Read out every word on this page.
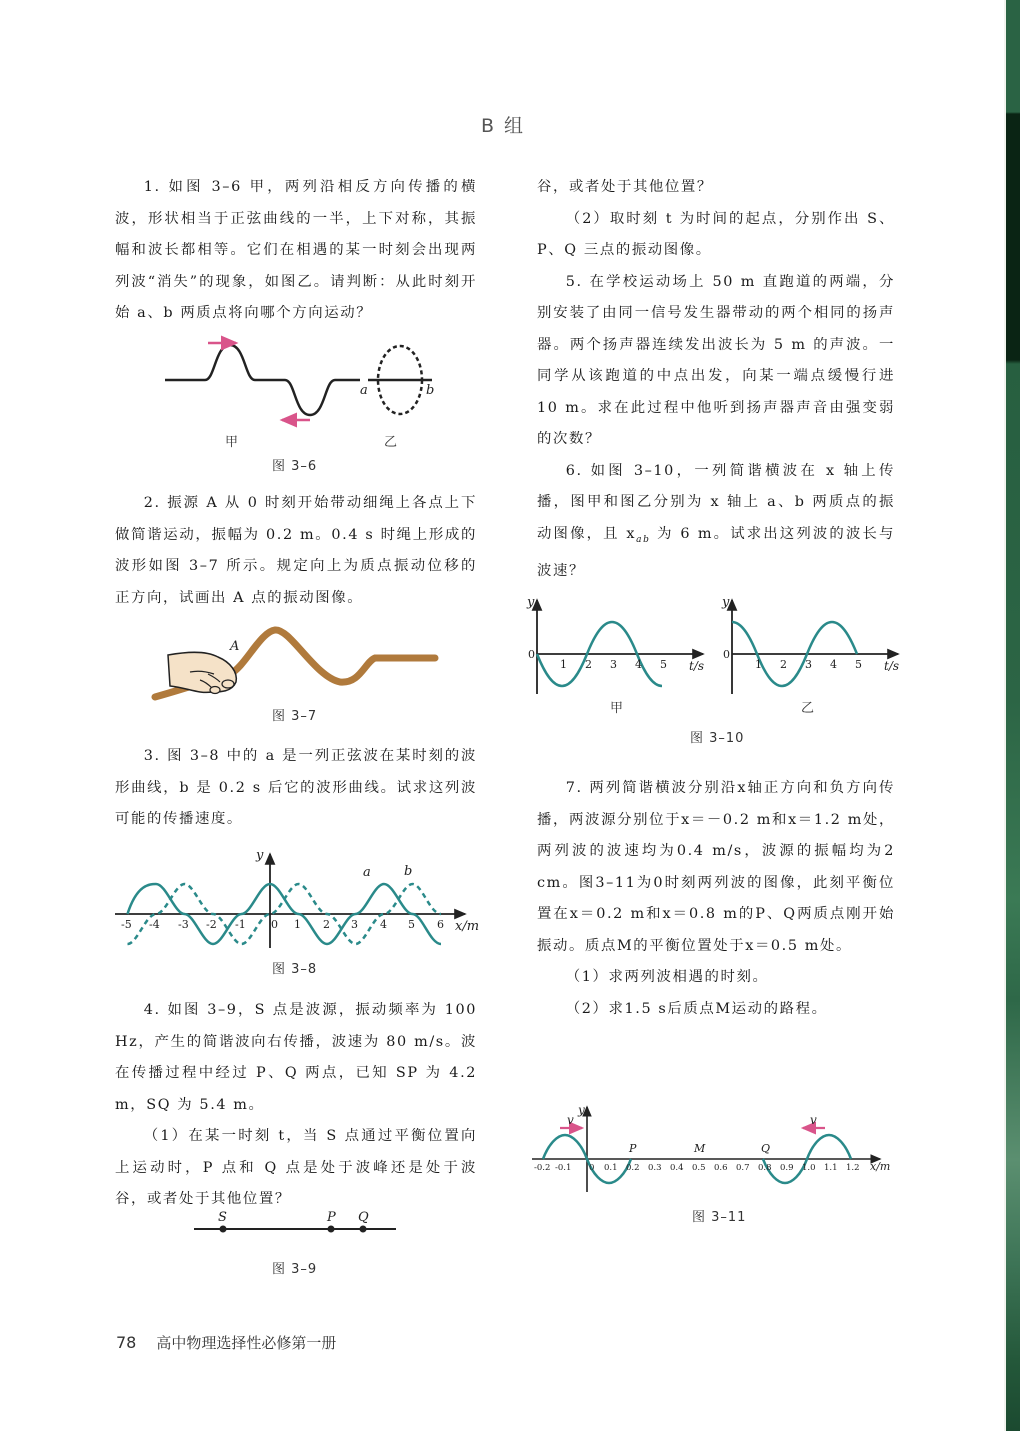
B 组

1. 如图 3–6 甲，两列沿相反方向传播的横波，形状相当于正弦曲线的一半，上下对称，其振幅和波长都相等。它们在相遇的某一时刻会出现两列波“消失”的现象，如图乙。请判断：从此时刻开始 a、b 两质点将向哪个方向运动？

a	b
甲	乙
图 3–6

2. 振源 A 从 0 时刻开始带动细绳上各点上下做简谐运动，振幅为 0.2 m。0.4 s 时绳上形成的波形如图 3–7 所示。规定向上为质点振动位移的正方向，试画出 A 点的振动图像。

A
图 3–7

3. 图 3–8 中的 a 是一列正弦波在某时刻的波形曲线，b 是 0.2 s 后它的波形曲线。试求这列波可能的传播速度。

-5 -4 -3 -2 -1 0 1 2 3 4 5 6 x/m
y
a	b
图 3–8

4. 如图 3–9，S 点是波源，振动频率为 100 Hz，产生的简谐波向右传播，波速为 80 m/s。波在传播过程中经过 P、Q 两点，已知 SP 为 4.2 m，SQ 为 5.4 m。

（1）在某一时刻 t，当 S 点通过平衡位置向上运动时，P 点和 Q 点是处于波峰还是处于波谷，或者处于其他位置？

S	P Q
图 3–9

谷，或者处于其他位置？

（2）取时刻 t 为时间的起点，分别作出 S、P、Q 三点的振动图像。

5. 在学校运动场上 50 m 直跑道的两端，分别安装了由同一信号发生器带动的两个相同的扬声器。两个扬声器连续发出波长为 5 m 的声波。一同学从该跑道的中点出发，向某一端点缓慢行进 10 m。求在此过程中他听到扬声器声音由强变弱的次数？

6. 如图 3–10，一列简谐横波在 x 轴上传播，图甲和图乙分别为 x 轴上 a、b 两质点的振动图像，且 $x_{ab}$ 为 6 m。试求出这列波的波长与波速？

0
1 2 3 4 5 t/s
y
甲
0
1 2 3 4 5 t/s
y
乙
图 3–10

7. 两列简谐横波分别沿x轴正方向和负方向传播，两波源分别位于x＝－0.2 m和x＝1.2 m处，两列波的波速均为0.4 m/s，波源的振幅均为2 cm。图3–11为0时刻两列波的图像，此刻平衡位置在x＝0.2 m和x＝0.8 m的P、Q两质点刚开始振动。质点M的平衡位置处于x＝0.5 m处。

（1）求两列波相遇的时刻。

（2）求1.5 s后质点M运动的路程。

v	v
-0.2 -0.1 0 0.1 0.2 0.3 0.4 0.5 0.6 0.7 0.8 0.9 1.0 1.1 1.2 x/m
y
P	M	Q
图 3–11
78 高中物理选择性必修第一册
